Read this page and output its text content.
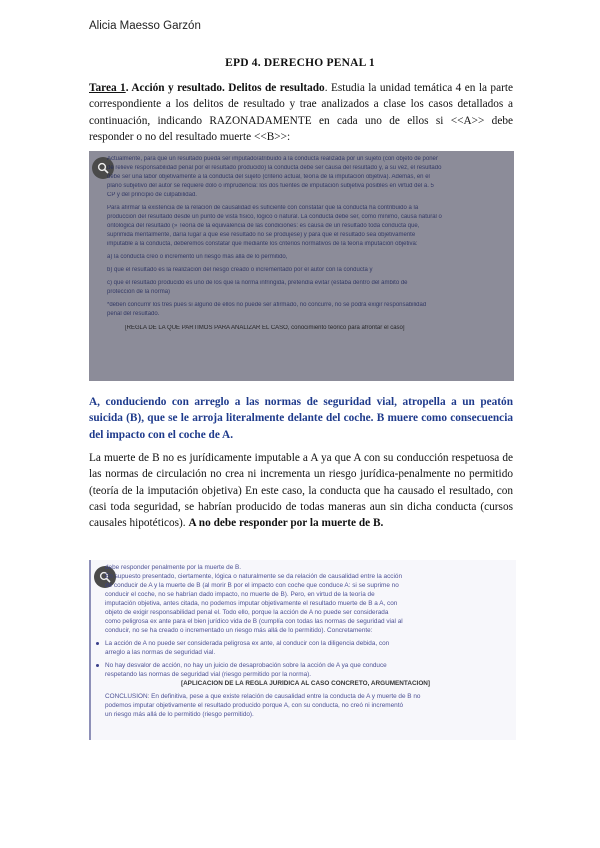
Alicia Maesso Garzón
EPD 4. DERECHO PENAL 1
Tarea 1. Acción y resultado. Delitos de resultado. Estudia la unidad temática 4 en la parte correspondiente a los delitos de resultado y trae analizados a clase los casos detallados a continuación, indicando RAZONADAMENTE en cada uno de ellos si <<A>> debe responder o no del resultado muerte <<B>>:
Actualmente, para que un resultado pueda ser imputado/atribuido a la conducta realizada por un sujeto (con objeto de poner
de relieve responsabilidad penal por el resultado producido) la conducta debe ser causa del resultado y, a su vez, el resultado
debe ser una labor objetivamente a la conducta del sujeto (criterio actual, teoría de la imputación objetiva). Además, en el
plano subjetivo del autor se requiere dolo o imprudencia: los dos fuentes de imputación subjetiva posibles en virtud del a. 5
CP y del principio de culpabilidad.
Para afirmar la existencia de la relación de causalidad es suficiente con constatar que la conducta ha contribuido a la
producción del resultado desde un punto de vista físico, lógico o natural. La conducta debe ser, como mínimo, causa natural o
ontológica del resultado (» Teoría de la equivalencia de las condiciones: es causa de un resultado toda conducta que,
suprimida mentalmente, daría lugar a que ese resultado no se produjese) y para que el resultado sea objetivamente
imputable a la conducta, deberemos constatar que mediante los criterios normativos de la teoría imputación objetiva:
a) la conducta creó o incrementó un riesgo más allá de lo permitido,
b) que el resultado es la realización del riesgo creado o incrementado por el autor con la conducta y
c) que el resultado producido es uno de los que la norma infringida, pretendía evitar (estaba dentro del ámbito de
protección de la norma)
*deben concurrir los tres pues si alguno de ellos no puede ser afirmado, no concurre, no se podrá exigir responsabilidad
penal del resultado.
[REGLA DE LA QUE PARTIMOS PARA ANALIZAR EL CASO, conocimiento teórico para afrontar el caso]
A, conduciendo con arreglo a las normas de seguridad vial, atropella a un peatón suicida (B), que se le arroja literalmente delante del coche. B muere como consecuencia del impacto con el coche de A.
La muerte de B no es jurídicamente imputable a A ya que A con su conducción respetuosa de las normas de circulación no crea ni incrementa un riesgo jurídica-penalmente no permitido (teoría de la imputación objetiva) En este caso, la conducta que ha causado el resultado, con casi toda seguridad, se habrían producido de todas maneras aun sin dicha conducta (cursos causales hipotéticos). A no debe responder por la muerte de B.
debe responder penalmente por la muerte de B.
En supuesto presentado, ciertamente, lógica o naturalmente se da relación de causalidad entre la acción
de conducir de A y la muerte de B (al morir B por el impacto con coche que conduce A: si se suprime no
conducir el coche, no se habrían dado impacto, no muerte de B). Pero, en virtud de la teoría de
imputación objetiva, antes citada, no podemos imputar objetivamente el resultado muerte de B a A, con
objeto de exigir responsabilidad penal el. Todo ello, porque la acción de A no puede ser considerada
como peligrosa ex ante para el bien jurídico vida de B (cumplía con todas las normas de seguridad vial al
conducir, no se ha creado o incrementado un riesgo más allá de lo permitido). Concretamente:
La acción de A no puede ser considerada peligrosa ex ante, al conducir con la diligencia debida, con
arreglo a las normas de seguridad vial.
No hay desvalor de acción, no hay un juicio de desaprobación sobre la acción de A ya que conduce
respetando las normas de seguridad vial (riesgo permitido por la norma).
[APLICACIÓN DE LA REGLA JURÍDICA AL CASO CONCRETO, ARGUMENTACIÓN]
CONCLUSIÓN: En definitiva, pese a que existe relación de causalidad entre la conducta de A y muerte de B no
podemos imputar objetivamente el resultado producido porque A, con su conducta, no creó ni incrementó
un riesgo más allá de lo permitido (riesgo permitido).
